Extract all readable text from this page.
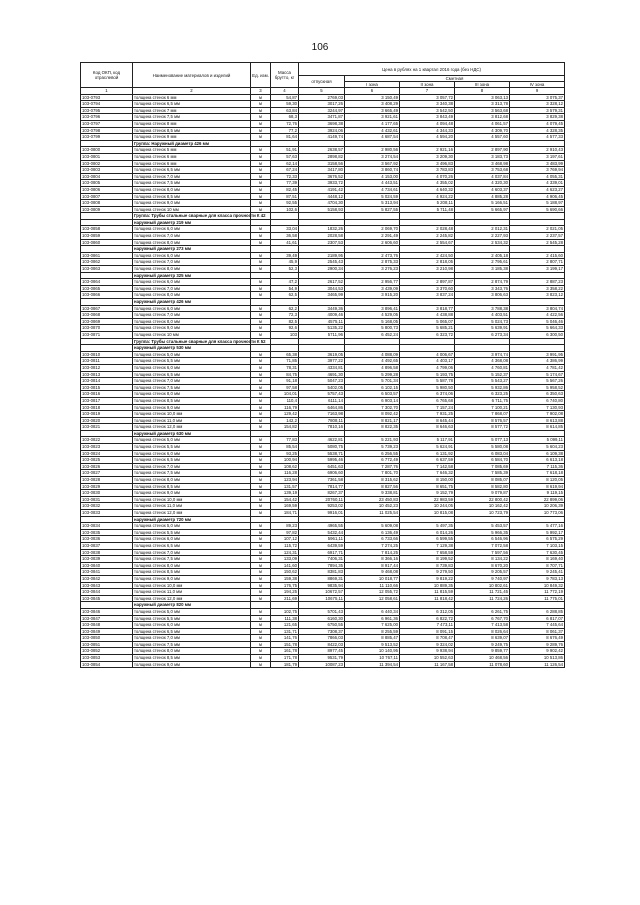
106
Код ОКП, код отраслевой	Наименование материалов и изделий	Ед. изм.	Масса брутто, кг	Цена в рублях на 1 квартал 2016 года (без НДС)				
				отпускная	Сметная			
					I зона	II зона	III зона	IV зона
1	2	3	4	5	6	7	8	9
103-0793	толщина стенок 6 мм	м	54,87	2769,03	3 150,49	3 057,72	3 063,13	3 075,37
103-0794	толщина стенок 6,5 мм	м	59,30	3017,26	3 408,29	3 340,38	3 313,78	3 328,12
103-0795	толщина стенок 7 мм	м	63,84	3244,97	3 665,49	3 542,50	3 563,68	3 579,31
103-0796	толщина стенок 7,5 мм	м	68,3	3471,87	3 921,61	3 843,49	3 812,68	3 829,38
103-0797	толщина стенок 8 мм	м	72,76	3698,38	4 177,65	4 094,48	4 061,57	4 079,45
103-0798	толщина стенок 8,5 мм	м	77,2	3924,06	4 432,61	4 344,33	4 309,70	4 328,35
103-0799	толщина стенок 9 мм	м	81,64	4149,74	4 687,54	4 594,20	4 557,60	4 577,33
	Группа: Наружный диаметр 426 мм							
103-0800	толщина стенок 5 мм	м	51,91	2638,57	2 980,56	2 921,16	2 897,90	2 910,43
103-0801	толщина стенок 6 мм	м	57,63	2898,82	3 274,54	3 209,30	3 183,73	3 197,61
103-0802	толщина стенок 6 мм	м	62,14	3158,56	3 567,92	3 496,83	3 468,98	3 483,99
103-0803	толщина стенок 6,5 мм	м	67,24	3417,80	3 860,74	3 783,83	3 753,68	3 769,94
103-0804	толщина стенок 7,0 мм	м	72,33	3676,52	4 153,00	4 070,26	4 037,84	4 055,31
103-0805	толщина стенок 7,5 мм	м	77,39	3933,72	4 443,51	4 355,02	4 320,30	4 339,01
103-0806	толщина стенок 8,0 мм	м	82,45	4191,42	4 734,61	4 640,32	4 603,37	4 623,27
103-0807	толщина стенок 8,5 мм	м	87,51	4448,12	5 024,59	4 924,22	4 885,28	4 906,45
103-0808	толщина стенок 9,0 мм	м	92,55	4704,30	5 313,94	5 208,11	5 166,51	5 188,97
103-0809	толщина стенок 10 мм	м	102,6	5158,93	5 827,55	5 711,48	5 665,97	5 690,66
	Группа: Трубы стальные сварные для класса прочности К 42							
	наружный диаметр 219 мм							
103-0858	толщина стенок 6,0 мм	м	33,04	1832,26	2 069,70	2 028,48	2 012,31	2 021,05
103-0859	толщина стенок 7,0 мм	м	36,58	2028,58	2 291,49	2 245,82	2 227,93	2 237,57
103-0860	толщина стенок 8,0 мм	м	41,61	2307,53	2 606,60	2 554,67	2 534,32	2 545,28
	наружный диаметр 273 мм							
103-0861	толщина стенок 6,0 мм	м	39,49	2189,95	2 473,76	2 424,50	2 405,18	2 415,60
103-0862	толщина стенок 7,0 мм	м	45,9	2545,43	2 875,33	2 818,05	2 795,61	2 807,71
103-0863	толщина стенок 8,0 мм	м	52,3	2900,34	3 276,23	3 210,98	3 185,38	3 199,17
	наружный диаметр 325 мм							
103-0864	толщина стенок 6,0 мм	м	47,2	2617,52	2 956,77	2 897,87	2 874,79	2 887,23
103-0865	толщина стенок 7,0 мм	м	54,9	3044,53	3 439,09	3 370,60	3 343,76	3 358,22
103-0866	толщина стенок 8,0 мм	м	62,5	3465,99	3 915,20	3 837,24	3 806,63	3 823,12
	наружный диаметр 426 мм							
103-0867	толщина стенок 6,0 мм	м	62,2	3449,36	3 896,41	3 818,77	3 788,38	3 804,74
103-0868	толщина стенок 7,0 мм	м	72,3	4009,46	4 529,05	4 438,88	4 403,51	4 422,56
103-0869	толщина стенок 8,0 мм	м	82,5	4575,11	5 168,05	5 065,07	5 024,73	5 046,46
103-0870	толщина стенок 9,0 мм	м	92,6	5135,22	5 800,73	5 685,21	5 639,91	5 664,33
103-0871	толщина стенок 10 мм	м	103	5711,96	6 452,24	6 323,72	6 273,34	6 300,50
	Группа: Трубы стальные сварные для класса прочности К 52							
	наружный диаметр 530 мм							
103-0810	толщина стенок 5,0 мм	м	65,38	3619,05	4 088,09	4 006,67	3 974,74	3 991,95
103-0811	толщина стенок 5,5 мм	м	71,85	3977,22	4 492,65	4 403,17	4 368,08	4 386,99
103-0812	толщина стенок 6,0 мм	м	78,31	4334,81	4 896,58	4 799,06	4 760,81	4 781,42
103-0813	толщина стенок 6,5 мм	м	84,75	4691,30	5 299,28	5 193,75	5 152,37	5 174,67
103-0814	толщина стенок 7,0 мм	м	91,18	5047,23	5 701,34	5 587,78	5 543,27	5 567,26
103-0815	толщина стенок 7,5 мм	м	97,58	5402,05	6 102,15	5 980,50	5 932,86	5 958,52
103-0816	толщина стенок 8,0 мм	м	104,01	5757,43	6 503,57	6 374,06	6 323,25	6 350,63
103-0817	толщина стенок 8,5 мм	м	110,4	6111,14	6 903,14	6 765,68	6 711,75	6 740,80
103-0818	толщина стенок 9,0 мм	м	116,79	6464,86	7 302,70	7 157,24	7 100,21	7 130,93
103-0819	толщина стенок 10,0 мм	м	129,42	7163,98	8 092,42	7 931,25	7 868,07	7 902,08
103-0820	толщина стенок 11,0 мм	м	142,2	7808,11	8 821,17	8 645,44	8 576,57	8 613,88
103-0821	толщина стенок 12,0 мм	м	154,82	7810,16	8 822,35	8 646,63	8 577,72	8 614,85
	наружный диаметр 630 мм							
103-0822	толщина стенок 5,0 мм	м	77,83	4622,81	5 221,93	5 117,91	5 077,13	5 099,11
103-0823	толщина стенок 5,5 мм	м	85,54	5080,75	5 739,23	5 624,91	5 580,08	5 604,23
103-0824	толщина стенок 6,0 мм	м	93,25	5538,71	6 256,55	6 131,92	6 083,04	6 109,38
103-0825	толщина стенок 6,5 мм	м	100,94	5995,46	6 772,49	6 637,59	6 584,70	6 613,18
103-0826	толщина стенок 7,0 мм	м	108,62	6451,63	7 287,76	7 142,58	7 085,69	7 115,36
103-0827	толщина стенок 7,5 мм	м	116,28	6906,60	7 801,70	7 646,32	7 585,39	7 618,18
103-0828	толщина стенок 8,0 мм	м	123,94	7361,58	8 315,62	8 150,00	8 085,07	8 120,05
103-0829	толщина стенок 8,5 мм	м	131,57	7814,77	8 827,56	8 651,75	8 582,80	8 619,94
103-0830	толщина стенок 9,0 мм	м	139,19	8267,37	9 338,81	9 152,79	9 079,87	9 119,15
103-0831	толщина стенок 10,0 мм	м	154,42	20760,11	23 450,83	22 983,59	22 800,42	22 899,06
103-0832	толщина стенок 11,0 мм	м	169,59	9253,02	10 452,23	10 244,05	10 162,42	10 206,39
103-0833	толщина стенок 12,0 мм	м	184,71	9916,01	11 025,54	10 815,08	10 723,79	10 773,06
	наружный диаметр 720 мм							
103-0834	толщина стенок 5,0 мм	м	89,23	4965,55	5 609,08	5 497,35	5 453,57	5 477,16
103-0835	толщина стенок 5,5 мм	м	97,82	5432,44	6 136,49	6 014,26	5 966,35	5 992,17
103-0836	толщина стенок 6,0 мм	м	107,12	5961,11	6 733,66	6 599,55	6 546,96	6 575,29
103-0837	толщина стенок 6,5 мм	м	115,72	6439,59	7 274,25	7 129,38	7 072,58	7 103,15
103-0838	толщина стенок 7,0 мм	м	124,31	6917,71	7 814,25	7 658,59	7 597,56	7 630,45
103-0839	толщина стенок 7,5 мм	м	133,09	7406,31	8 366,16	8 199,52	8 134,22	8 169,40
103-0840	толщина стенок 8,0 мм	м	141,60	7894,35	8 917,44	8 739,83	8 670,20	8 707,71
103-0841	толщина стенок 8,5 мм	м	150,62	8381,83	9 468,08	9 279,50	9 205,57	9 245,41
103-0842	толщина стенок 9,0 мм	м	159,38	8869,31	10 018,77	9 819,22	9 740,97	9 783,13
103-0843	толщина стенок 10,0 мм	м	176,75	9835,94	11 110,66	10 889,35	10 802,61	10 849,32
103-0844	толщина стенок 11,0 мм	м	194,25	10672,57	12 055,72	11 815,59	11 721,45	11 772,19
103-0845	толщина стенок 12,0 мм	м	211,69	10675,11	12 058,61	11 818,42	11 724,26	11 775,01
	наружный диаметр 820 мм							
103-0846	толщина стенок 5,0 мм	м	102,75	5701,43	6 440,34	6 312,05	6 261,75	6 288,85
103-0847	толщина стенок 5,5 мм	м	111,38	6160,30	6 961,36	6 822,72	6 767,70	6 817,07
103-0848	толщина стенок 6,0 мм	м	121,65	6750,55	7 625,00	7 473,11	7 413,58	7 445,64
103-0849	толщина стенок 6,5 мм	м	131,71	7308,37	8 255,59	8 091,15	8 026,64	8 061,37
103-0850	толщина стенок 7,0 мм	м	141,76	7866,03	8 885,47	8 708,47	8 639,07	8 676,49
103-0851	толщина стенок 7,5 мм	м	151,78	8422,03	9 513,52	9 324,02	9 249,75	9 289,76
103-0852	толщина стенок 8,0 мм	м	161,78	8977,45	10 140,95	9 938,94	9 859,77	9 902,42
103-0853	толщина стенок 8,5 мм	м	171,78	9531,79	10 767,11	10 552,63	10 468,56	10 513,86
103-0854	толщина стенок 9,0 мм	м	181,79	10087,23	11 394,54	11 167,58	11 078,60	11 126,54
